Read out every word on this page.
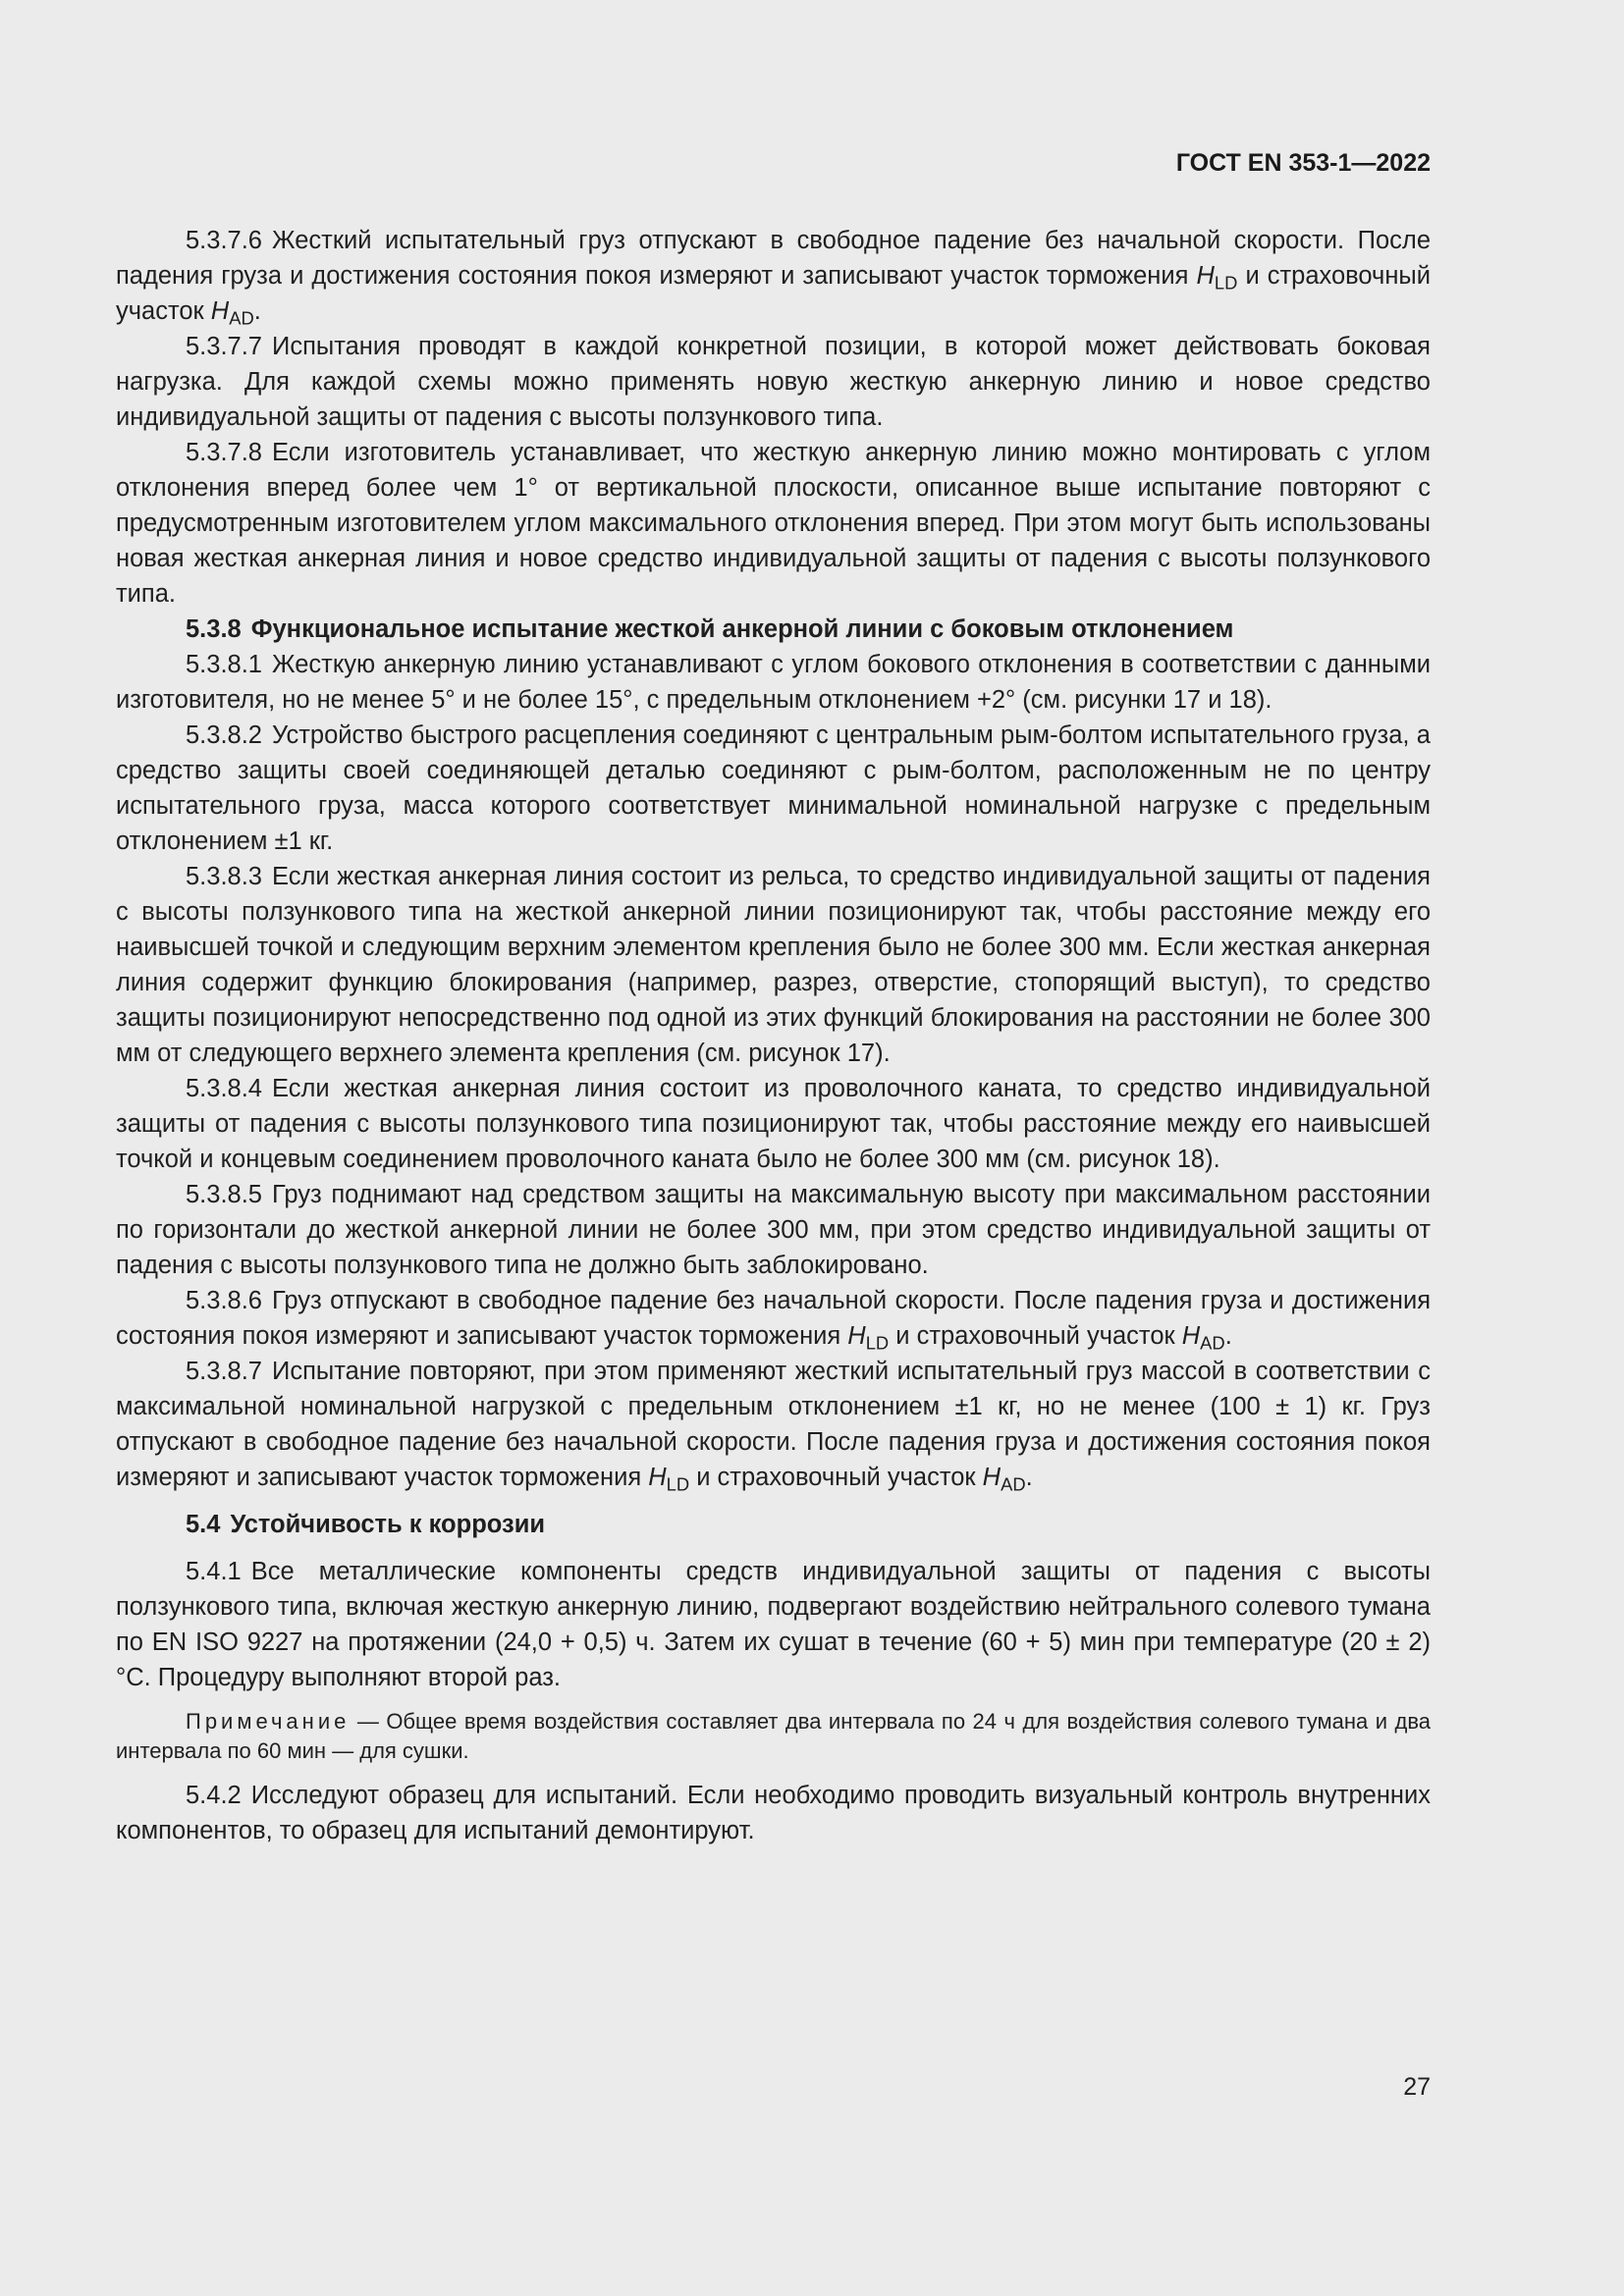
ГОСТ EN 353-1—2022

5.3.7.6 Жесткий испытательный груз отпускают в свободное падение без начальной скорости. После падения груза и достижения состояния покоя измеряют и записывают участок торможения $H_{LD}$ и страховочный участок $H_{AD}$.

5.3.7.7 Испытания проводят в каждой конкретной позиции, в которой может действовать боковая нагрузка. Для каждой схемы можно применять новую жесткую анкерную линию и новое средство индивидуальной защиты от падения с высоты ползункового типа.

5.3.7.8 Если изготовитель устанавливает, что жесткую анкерную линию можно монтировать с углом отклонения вперед более чем 1° от вертикальной плоскости, описанное выше испытание повторяют с предусмотренным изготовителем углом максимального отклонения вперед. При этом могут быть использованы новая жесткая анкерная линия и новое средство индивидуальной защиты от падения с высоты ползункового типа.

5.3.8 Функциональное испытание жесткой анкерной линии с боковым отклонением

5.3.8.1 Жесткую анкерную линию устанавливают с углом бокового отклонения в соответствии с данными изготовителя, но не менее 5° и не более 15°, с предельным отклонением +2° (см. рисунки 17 и 18).

5.3.8.2 Устройство быстрого расцепления соединяют с центральным рым-болтом испытательного груза, а средство защиты своей соединяющей деталью соединяют с рым-болтом, расположенным не по центру испытательного груза, масса которого соответствует минимальной номинальной нагрузке с предельным отклонением ±1 кг.

5.3.8.3 Если жесткая анкерная линия состоит из рельса, то средство индивидуальной защиты от падения с высоты ползункового типа на жесткой анкерной линии позиционируют так, чтобы расстояние между его наивысшей точкой и следующим верхним элементом крепления было не более 300 мм. Если жесткая анкерная линия содержит функцию блокирования (например, разрез, отверстие, стопорящий выступ), то средство защиты позиционируют непосредственно под одной из этих функций блокирования на расстоянии не более 300 мм от следующего верхнего элемента крепления (см. рисунок 17).

5.3.8.4 Если жесткая анкерная линия состоит из проволочного каната, то средство индивидуальной защиты от падения с высоты ползункового типа позиционируют так, чтобы расстояние между его наивысшей точкой и концевым соединением проволочного каната было не более 300 мм (см. рисунок 18).

5.3.8.5 Груз поднимают над средством защиты на максимальную высоту при максимальном расстоянии по горизонтали до жесткой анкерной линии не более 300 мм, при этом средство индивидуальной защиты от падения с высоты ползункового типа не должно быть заблокировано.

5.3.8.6 Груз отпускают в свободное падение без начальной скорости. После падения груза и достижения состояния покоя измеряют и записывают участок торможения $H_{LD}$ и страховочный участок $H_{AD}$.

5.3.8.7 Испытание повторяют, при этом применяют жесткий испытательный груз массой в соответствии с максимальной номинальной нагрузкой с предельным отклонением ±1 кг, но не менее (100 ± 1) кг. Груз отпускают в свободное падение без начальной скорости. После падения груза и достижения состояния покоя измеряют и записывают участок торможения $H_{LD}$ и страховочный участок $H_{AD}$.

5.4 Устойчивость к коррозии

5.4.1 Все металлические компоненты средств индивидуальной защиты от падения с высоты ползункового типа, включая жесткую анкерную линию, подвергают воздействию нейтрального солевого тумана по EN ISO 9227 на протяжении (24,0 + 0,5) ч. Затем их сушат в течение (60 + 5) мин при температуре (20 ± 2) °С. Процедуру выполняют второй раз.

Примечание — Общее время воздействия составляет два интервала по 24 ч для воздействия солевого тумана и два интервала по 60 мин — для сушки.

5.4.2 Исследуют образец для испытаний. Если необходимо проводить визуальный контроль внутренних компонентов, то образец для испытаний демонтируют.

27
